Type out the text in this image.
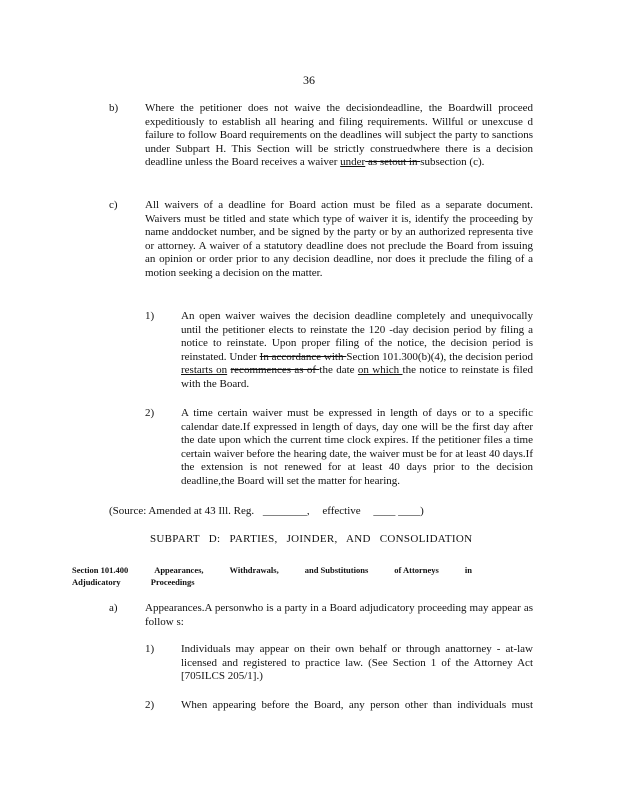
36
b) Where the petitioner does not waive the decisiondeadline, the Boardwill proceed expeditiously to establish all hearing and filing requirements. Willful or unexcuse d failure to follow Board requirements on the deadlines will subject the party to sanctions under Subpart H. This Section will be strictly construedwhere there is a decision deadline unless the Board receives a waiver under as setout in subsection (c).
c) All waivers of a deadline for Board action must be filed as a separate document. Waivers must be titled and state which type of waiver it is, identify the proceeding by name anddocket number, and be signed by the party or by an authorized representa tive or attorney. A waiver of a statutory deadline does not preclude the Board from issuing an opinion or order prior to any decision deadline, nor does it preclude the filing of a motion seeking a decision on the matter.
1) An open waiver waives the decision deadline completely and unequivocally until the petitioner elects to reinstate the 120 -day decision period by filing a notice to reinstate. Upon proper filing of the notice, the decision period is reinstated. Under In accordance with Section 101.300(b)(4), the decision period restarts on recommences as of the date on which the notice to reinstate is filed with the Board.
2) A time certain waiver must be expressed in length of days or to a specific calendar date.If expressed in length of days, day one will be the first day after the date upon which the current time clock expires. If the petitioner files a time certain waiver before the hearing date, the waiver must be for at least 40 days.If the extension is not renewed for at least 40 days prior to the decision deadline,the Board will set the matter for hearing.
(Source: Amended at 43 Ill. Reg. ________, effective ____ ____)
SUBPART D: PARTIES, JOINDER, AND CONSOLIDATION
Section 101.400	Appearances,	Withdrawals,	and Substitutions	of Attorneys	in
Adjudicatory	Proceedings
a) Appearances.A personwho is a party in a Board adjudicatory proceeding may appear as follow s:
1) Individuals may appear on their own behalf or through anattorney - at-law licensed and registered to practice law. (See Section 1 of the Attorney Act [705ILCS 205/1].)
2) When appearing before the Board, any person other than individuals must
